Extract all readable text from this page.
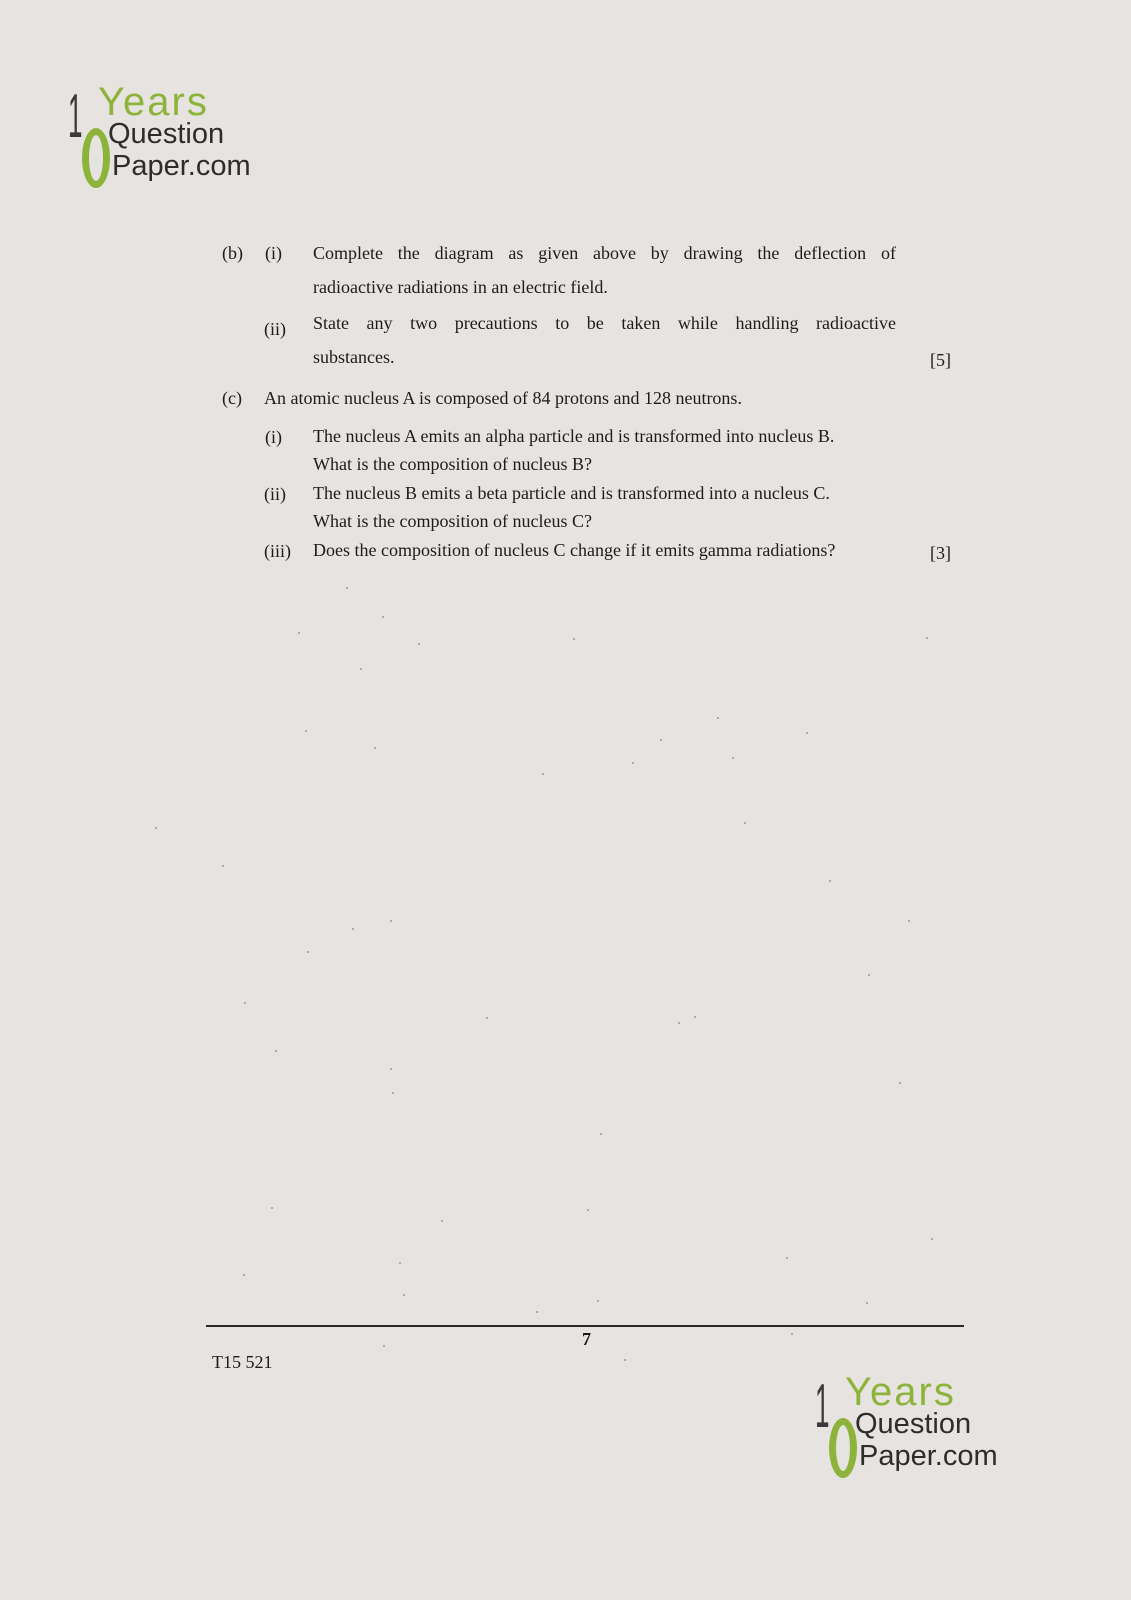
1 Years
Question
Paper.com
(b) (i) Complete the diagram as given above by drawing the deflection of
radioactive radiations in an electric field.
(ii) State any two precautions to be taken while handling radioactive
substances.	[5]
(c) An atomic nucleus A is composed of 84 protons and 128 neutrons.
(i) The nucleus A emits an alpha particle and is transformed into nucleus B.
What is the composition of nucleus B?
(ii) The nucleus B emits a beta particle and is transformed into a nucleus C.
What is the composition of nucleus C?
(iii) Does the composition of nucleus C change if it emits gamma radiations?	[3]
7
T15 521
1 Years
Question
Paper.com
